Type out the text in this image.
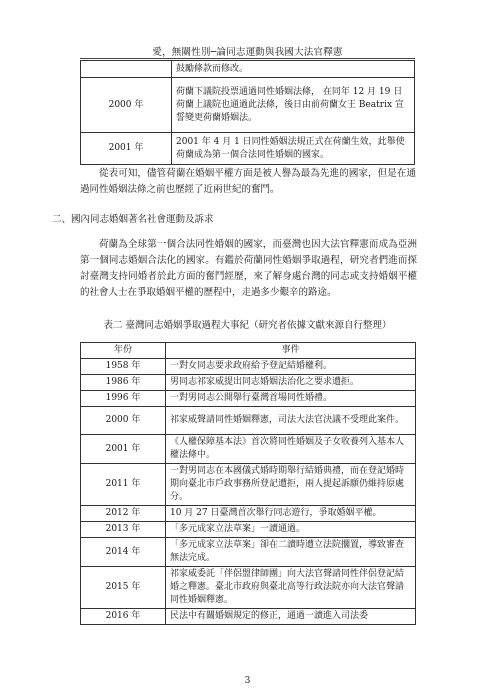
愛，無關性別─論同志運動與我國大法官釋憲
	鼓勵條款而修改。
2000 年	荷蘭下議院投票通過同性婚姻法條， 在同年 12 月 19 日荷蘭上議院也通過此法條，後日由前荷蘭女王 Beatrix 宣誓變更荷蘭婚姻法。
2001 年	2001 年 4 月 1 日同性婚姻法規正式在荷蘭生效，此舉使荷蘭成為第一個合法同性婚姻的國家。

從表可知，儘管荷蘭在婚姻平權方面是被人譽為最為先進的國家，但是在通過同性婚姻法條之前也歷經了近兩世紀的奮鬥。

二、國內同志婚姻著名社會運動及訴求

荷蘭為全球第一個合法同性婚姻的國家，而臺灣也因大法官釋憲而成為亞洲第一個同志婚姻合法化的國家。有鑑於荷蘭同性婚姻爭取過程，研究者們進而探討臺灣支持同婚者於此方面的奮鬥經歷，來了解身處台灣的同志或支持婚姻平權的社會人士在爭取婚姻平權的歷程中，走過多少艱辛的路途。

表二 臺灣同志婚姻爭取過程大事紀（研究者依據文獻來源自行整理）
年份	事件
1958 年	一對女同志要求政府給予登記結婚權利。
1986 年	男同志祁家威提出同志婚姻法治化之要求遭拒。
1996 年	一對男同志公開舉行臺灣首場同性婚禮。
2000 年	祁家威聲請同性婚姻釋憲，司法大法官決議不受理此案件。
2001 年	《人權保障基本法》首次將同性婚姻及子女收養列入基本人權法條中。
2011 年	一對男同志在本國儀式婚時期舉行結婚典禮，而在登記婚時期向臺北市戶政事務所登記遭拒，兩人提起訴願仍維持原處分。
2012 年	10 月 27 日臺灣首次舉行同志遊行，爭取婚姻平權。
2013 年	「多元成家立法草案」一讀通過。
2014 年	「多元成家立法草案」卻在二讀時遭立法院擱置，導致審查無法完成。
2015 年	祁家威委託「伴侶盟律師團」向大法官聲請同性伴侶登記結婚之釋憲。臺北市政府與臺北高等行政法院亦向大法官聲請同性婚姻釋憲。
2016 年	民法中有關婚姻規定的修正，通過一讀進入司法委
3
